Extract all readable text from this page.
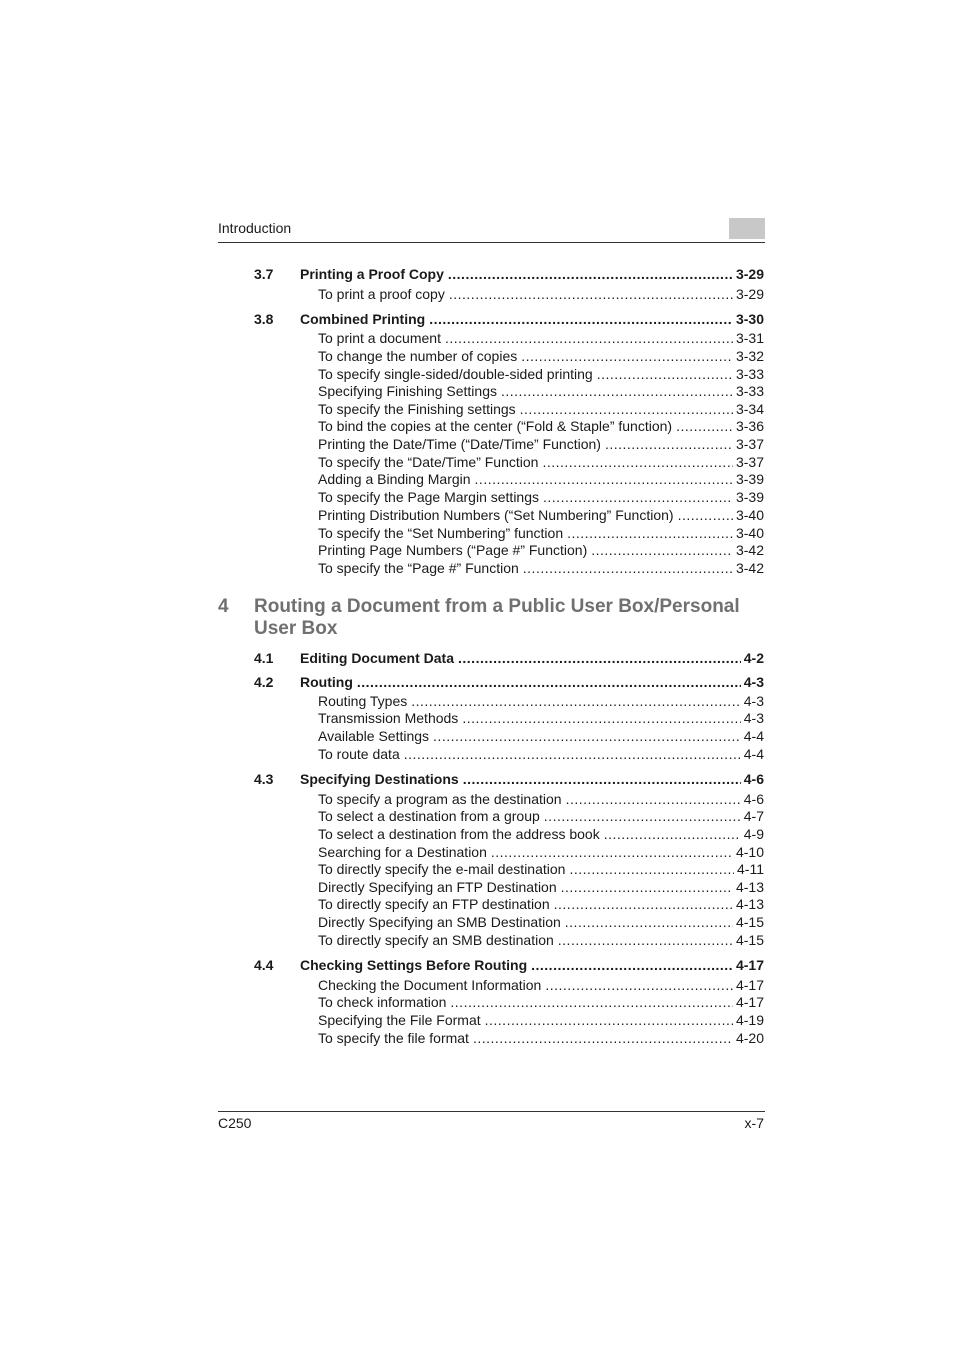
Introduction
3.7 Printing a Proof Copy .....	3-29
To print a proof copy .....	3-29
3.8 Combined Printing .....	3-30
To print a document .....	3-31
To change the number of copies .....	3-32
To specify single-sided/double-sided printing .....	3-33
Specifying Finishing Settings .....	3-33
To specify the Finishing settings .....	3-34
To bind the copies at the center (“Fold & Staple” function) .....	3-36
Printing the Date/Time (“Date/Time” Function) .....	3-37
To specify the “Date/Time” Function .....	3-37
Adding a Binding Margin .....	3-39
To specify the Page Margin settings .....	3-39
Printing Distribution Numbers (“Set Numbering” Function) .....	3-40
To specify the “Set Numbering” function .....	3-40
Printing Page Numbers (“Page #” Function) .....	3-42
To specify the “Page #” Function .....	3-42
4.1 Editing Document Data .....	4-2
4.2 Routing .....	4-3
Routing Types .....	4-3
Transmission Methods .....	4-3
Available Settings .....	4-4
To route data .....	4-4
4.3 Specifying Destinations .....	4-6
To specify a program as the destination .....	4-6
To select a destination from a group .....	4-7
To select a destination from the address book .....	4-9
Searching for a Destination .....	4-10
To directly specify the e-mail destination .....	4-11
Directly Specifying an FTP Destination .....	4-13
To directly specify an FTP destination .....	4-13
Directly Specifying an SMB Destination .....	4-15
To directly specify an SMB destination .....	4-15
4.4 Checking Settings Before Routing .....	4-17
Checking the Document Information .....	4-17
To check information .....	4-17
Specifying the File Format .....	4-19
To specify the file format .....	4-20
4 Routing a Document from a Public User Box/Personal
User Box
C250	x-7
